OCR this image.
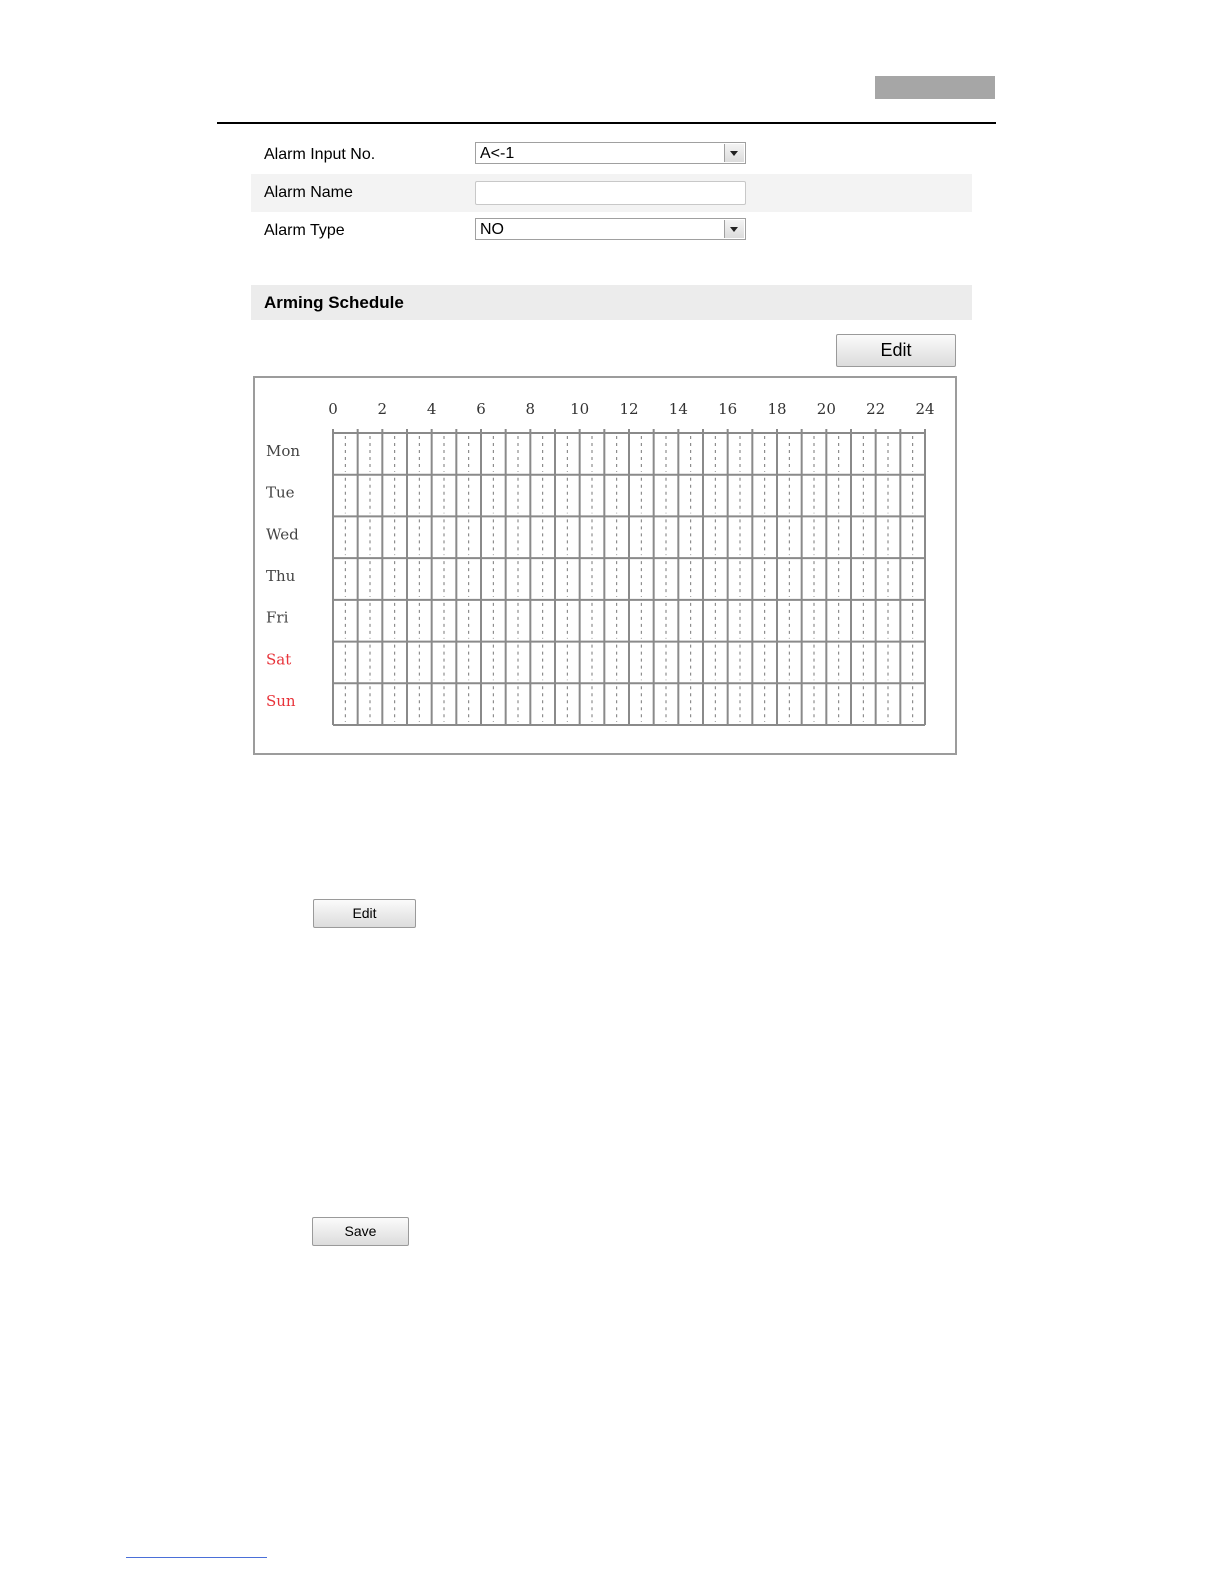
Alarm Input No.	A<-1
Alarm Name
Alarm Type	NO
Arming Schedule
Edit
0	2	4	6	8 10 12 14 16 18 20 22 24
Mon
Tue
Wed
Thu
Fri
Sat
Sun
Edit
Save
